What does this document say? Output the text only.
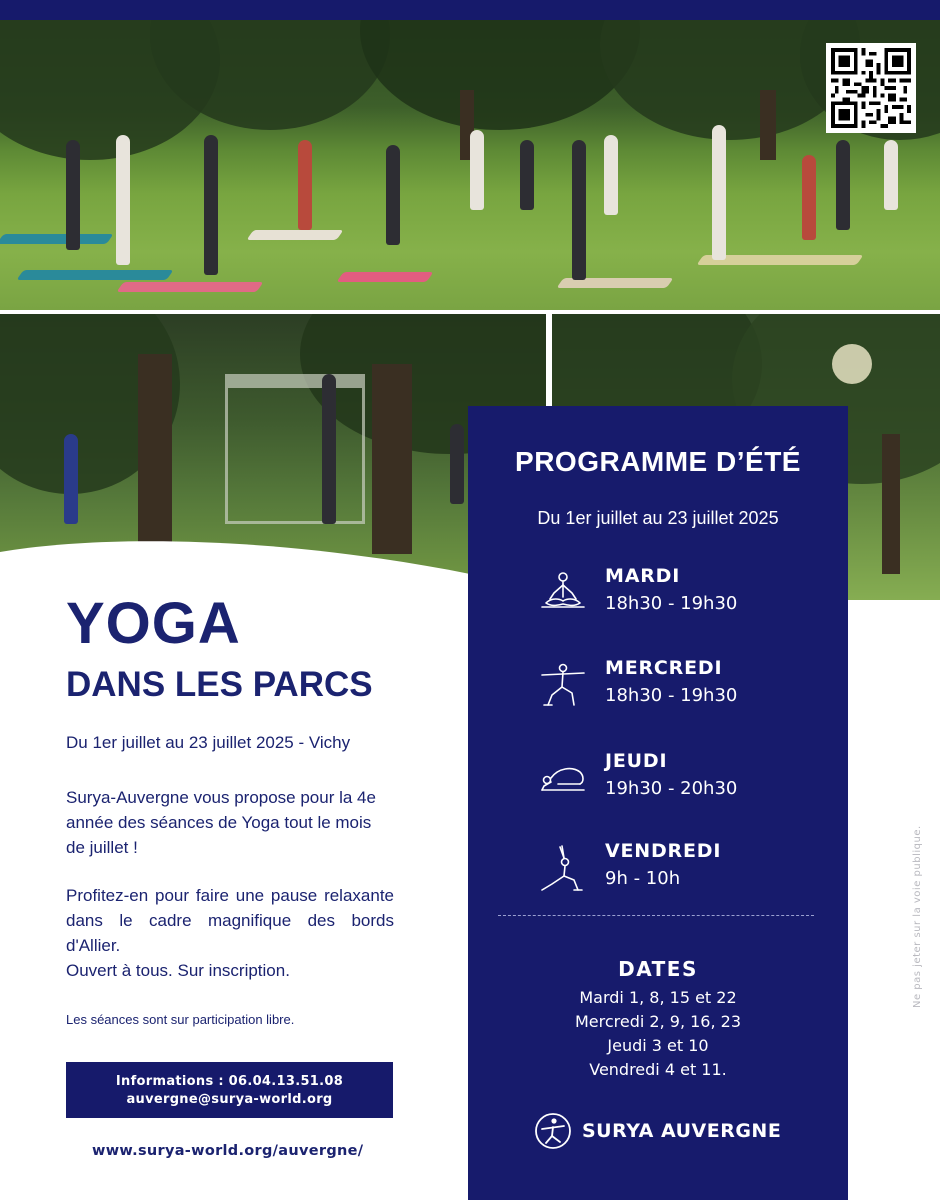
YOGA
DANS LES PARCS
Du 1er juillet au 23 juillet 2025 - Vichy
Surya-Auvergne vous propose pour la 4e année des séances de Yoga tout le mois de juillet !
Profitez-en pour faire une pause relaxante dans le cadre magnifique des bords d'Allier.
Ouvert à tous. Sur inscription.
Les séances sont sur participation libre.
Informations : 06.04.13.51.08
auvergne@surya-world.org
www.surya-world.org/auvergne/
Ne pas jeter sur la voie publique.
PROGRAMME D’ÉTÉ
Du 1er juillet au 23 juillet 2025
MARDI
18h30 - 19h30
MERCREDI
18h30 - 19h30
JEUDI
19h30 - 20h30
VENDREDI
9h - 10h
DATES
Mardi 1, 8, 15 et 22
Mercredi 2, 9, 16, 23
Jeudi 3 et 10
Vendredi 4 et 11.
SURYA AUVERGNE
